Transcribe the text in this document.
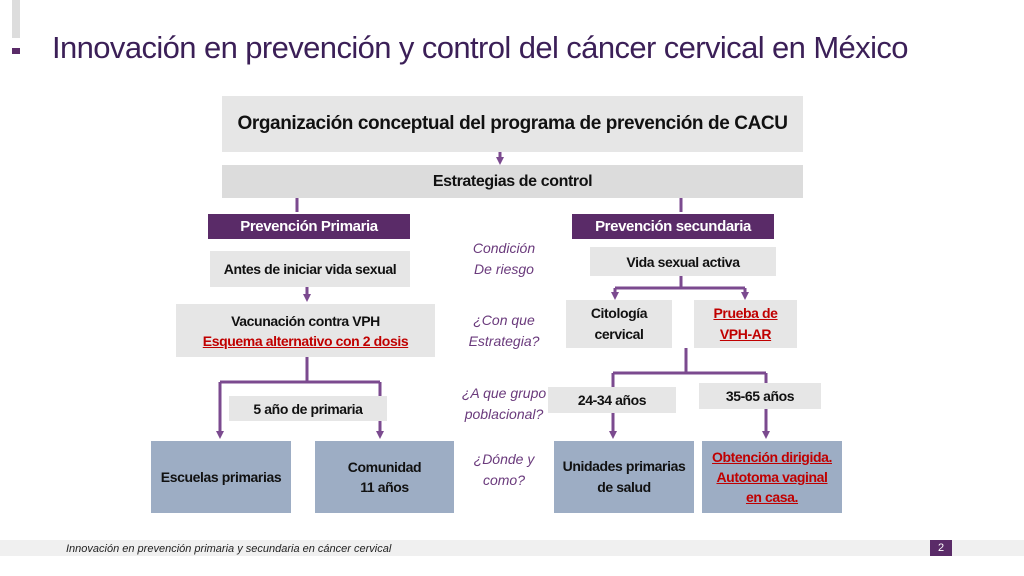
Innovación en prevención y control del cáncer cervical en México
Organización conceptual del programa de prevención de CACU
Estrategias de control
Prevención Primaria	Prevención secundaria
Antes de iniciar vida sexual	Vida sexual activa
Vacunación contra VPH
Esquema alternativo con 2 dosis
Citología
cervical
Prueba de
VPH-AR
5 año de primaria
24-34 años	35-65 años
Escuelas primarias
Comunidad
11 años
Unidades primarias
de salud
Obtención dirigida.
Autotoma vaginal
en casa.
Condición
De riesgo
¿Con que
Estrategia?
¿A que grupo
poblacional?
¿Dónde y
como?
Innovación en prevención primaria y secundaria en cáncer cervical	2
